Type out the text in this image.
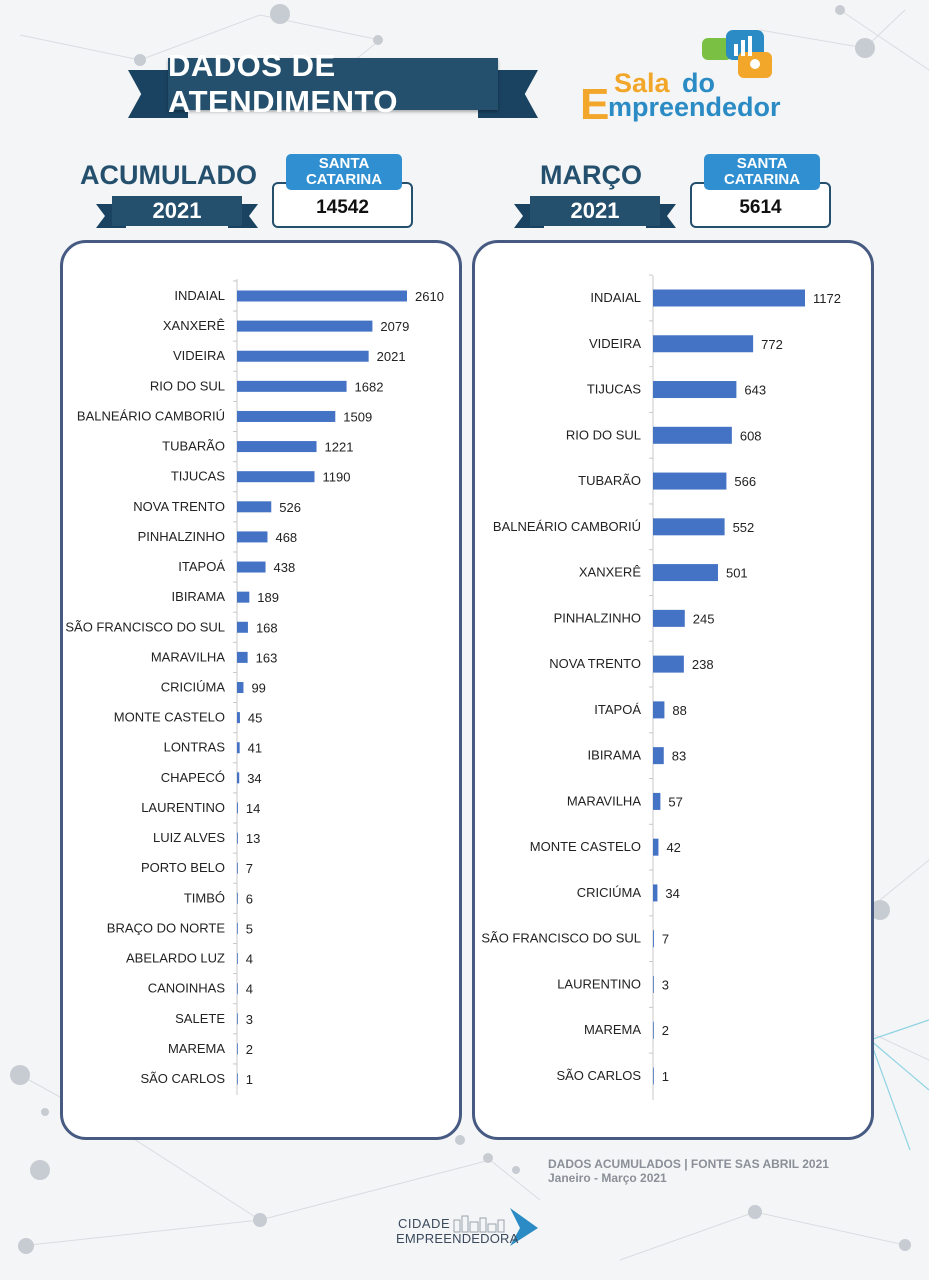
DADOS DE ATENDIMENTO
Sala do
E
mpreendedor
ACUMULADO
2021
SANTA
CATARINA
14542
MARÇO
2021
SANTA
CATARINA
5614
INDAIAL	2610
XANXERÊ	2079
VIDEIRA	2021
RIO DO SUL	1682
BALNEÁRIO CAMBORIÚ	1509
TUBARÃO	1221
TIJUCAS	1190
NOVA TRENTO	526
PINHALZINHO	468
ITAPOÁ	438
IBIRAMA 189
SÃO FRANCISCO DO SUL 168
MARAVILHA 163
CRICIÚMA 99
MONTE CASTELO 45
LONTRAS 41
CHAPECÓ 34
LAURENTINO 14
LUIZ ALVES 13
PORTO BELO 7
TIMBÓ 6
BRAÇO DO NORTE 5
ABELARDO LUZ 4
CANOINHAS 4
SALETE 3
MAREMA 2
SÃO CARLOS 1
INDAIAL	1172
VIDEIRA	772
TIJUCAS	643
RIO DO SUL	608
TUBARÃO	566
BALNEÁRIO CAMBORIÚ	552
XANXERÊ	501
PINHALZINHO	245
NOVA TRENTO	238
ITAPOÁ 88
IBIRAMA 83
MARAVILHA 57
MONTE CASTELO 42
CRICIÚMA 34
SÃO FRANCISCO DO SUL 7
LAURENTINO 3
MAREMA 2
SÃO CARLOS 1
DADOS ACUMULADOS | FONTE SAS ABRIL 2021
Janeiro - Março 2021
CIDADE
EMPREENDEDORA
